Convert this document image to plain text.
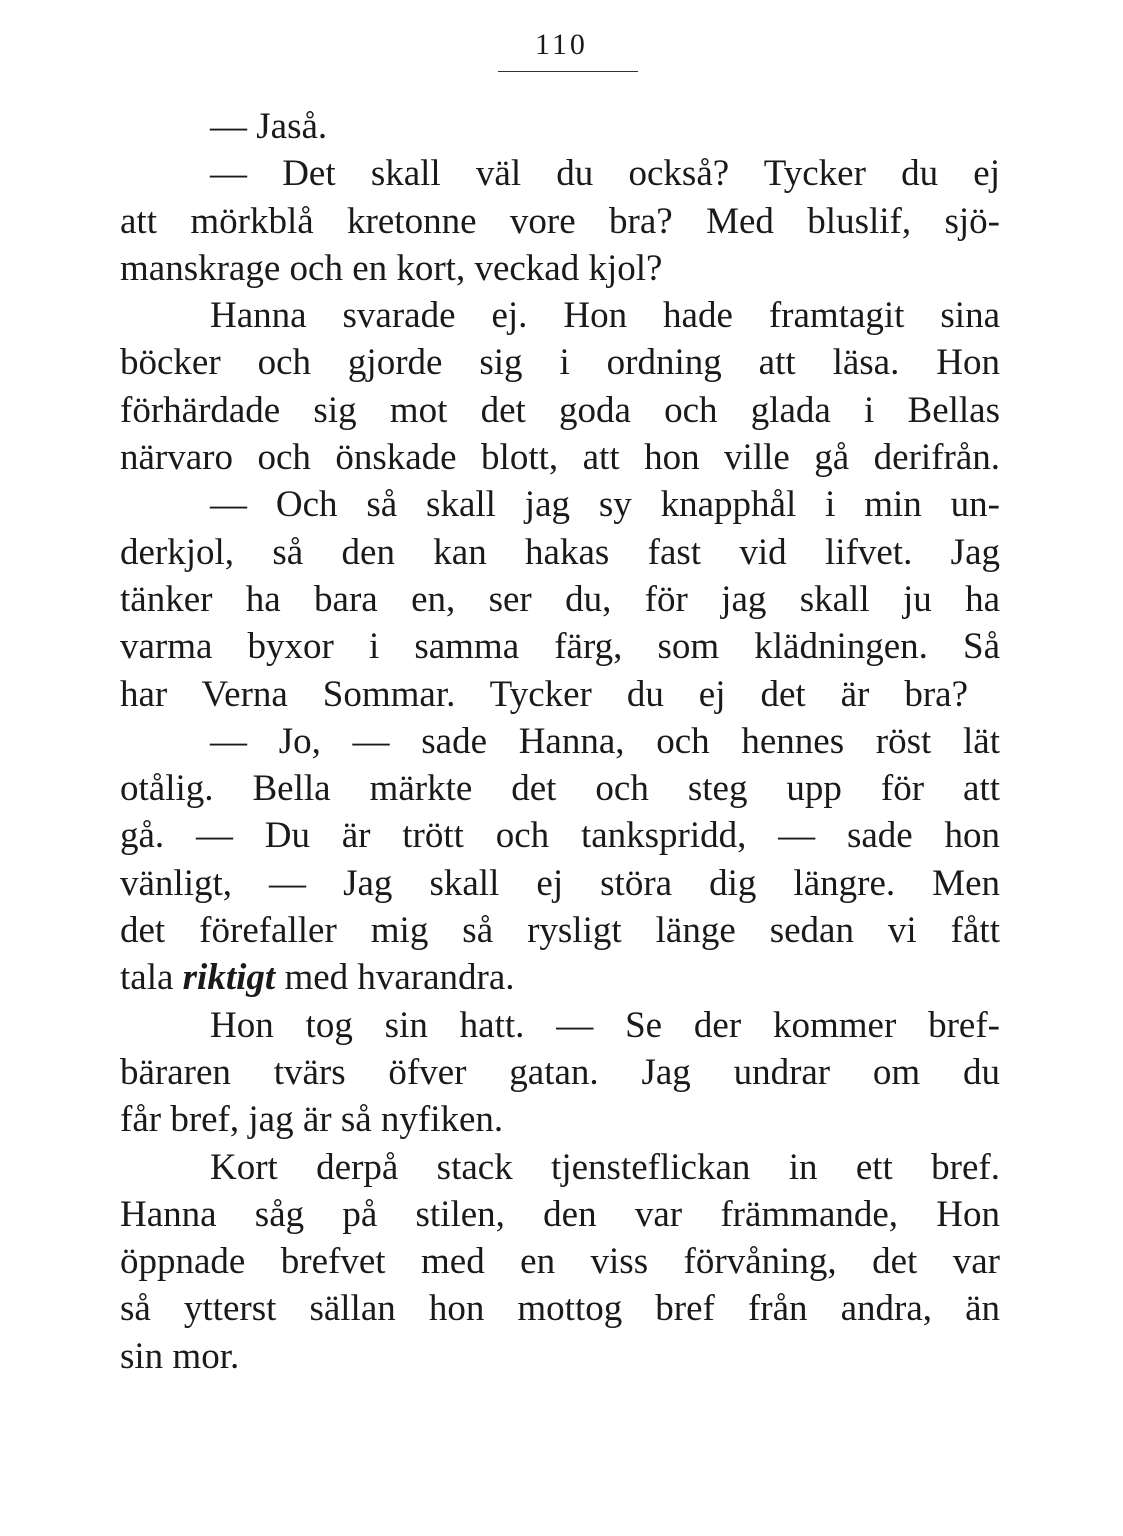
110
— Jaså.
— Det skall väl du också? Tycker du ej
att mörkblå kretonne vore bra? Med bluslif, sjö-
manskrage och en kort, veckad kjol?
Hanna svarade ej. Hon hade framtagit sina
böcker och gjorde sig i ordning att läsa. Hon
förhärdade sig mot det goda och glada i Bellas
närvaro och önskade blott, att hon ville gå derifrån.
— Och så skall jag sy knapphål i min un-
derkjol, så den kan hakas fast vid lifvet. Jag
tänker ha bara en, ser du, för jag skall ju ha
varma byxor i samma färg, som klädningen. Så
har Verna Sommar. Tycker du ej det är bra?
— Jo, — sade Hanna, och hennes röst lät
otålig. Bella märkte det och steg upp för att
gå. — Du är trött och tankspridd, — sade hon
vänligt, — Jag skall ej störa dig längre. Men
det förefaller mig så rysligt länge sedan vi fått
tala riktigt med hvarandra.
Hon tog sin hatt. — Se der kommer bref-
bäraren tvärs öfver gatan. Jag undrar om du
får bref, jag är så nyfiken.
Kort derpå stack tjensteflickan in ett bref.
Hanna såg på stilen, den var främmande, Hon
öppnade brefvet med en viss förvåning, det var
så ytterst sällan hon mottog bref från andra, än
sin mor.
